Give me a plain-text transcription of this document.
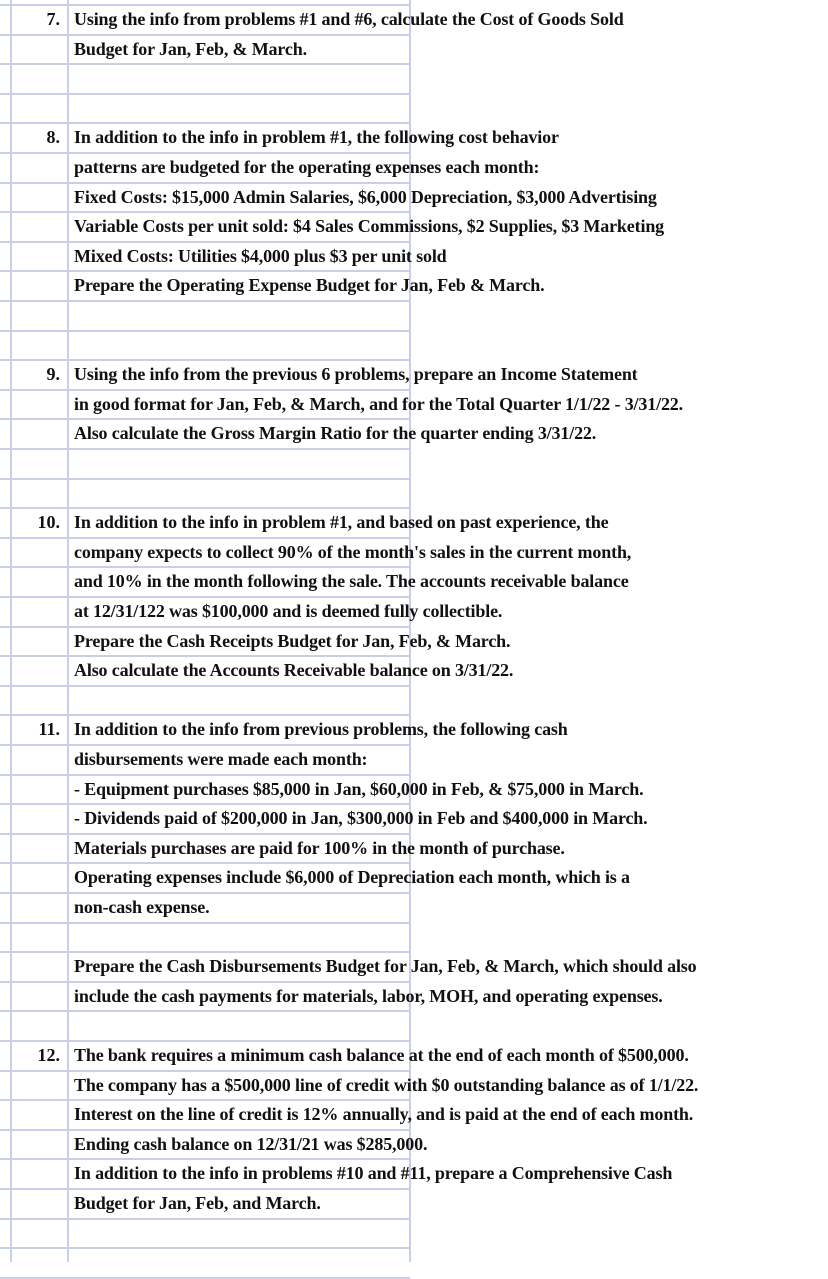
7. Using the info from problems #1 and #6, calculate the Cost of Goods Sold
Budget for Jan, Feb, & March.
8. In addition to the info in problem #1, the following cost behavior
patterns are budgeted for the operating expenses each month:
Fixed Costs: $15,000 Admin Salaries, $6,000 Depreciation, $3,000 Advertising
Variable Costs per unit sold: $4 Sales Commissions, $2 Supplies, $3 Marketing
Mixed Costs: Utilities $4,000 plus $3 per unit sold
Prepare the Operating Expense Budget for Jan, Feb & March.
9. Using the info from the previous 6 problems, prepare an Income Statement
in good format for Jan, Feb, & March, and for the Total Quarter 1/1/22 - 3/31/22.
Also calculate the Gross Margin Ratio for the quarter ending 3/31/22.
10. In addition to the info in problem #1, and based on past experience, the
company expects to collect 90% of the month's sales in the current month,
and 10% in the month following the sale. The accounts receivable balance
at 12/31/122 was $100,000 and is deemed fully collectible.
Prepare the Cash Receipts Budget for Jan, Feb, & March.
Also calculate the Accounts Receivable balance on 3/31/22.
11. In addition to the info from previous problems, the following cash
disbursements were made each month:
- Equipment purchases $85,000 in Jan, $60,000 in Feb, & $75,000 in March.
- Dividends paid of $200,000 in Jan, $300,000 in Feb and $400,000 in March.
Materials purchases are paid for 100% in the month of purchase.
Operating expenses include $6,000 of Depreciation each month, which is a
non-cash expense.
Prepare the Cash Disbursements Budget for Jan, Feb, & March, which should also
include the cash payments for materials, labor, MOH, and operating expenses.
12. The bank requires a minimum cash balance at the end of each month of $500,000.
The company has a $500,000 line of credit with $0 outstanding balance as of 1/1/22.
Interest on the line of credit is 12% annually, and is paid at the end of each month.
Ending cash balance on 12/31/21 was $285,000.
In addition to the info in problems #10 and #11, prepare a Comprehensive Cash
Budget for Jan, Feb, and March.
